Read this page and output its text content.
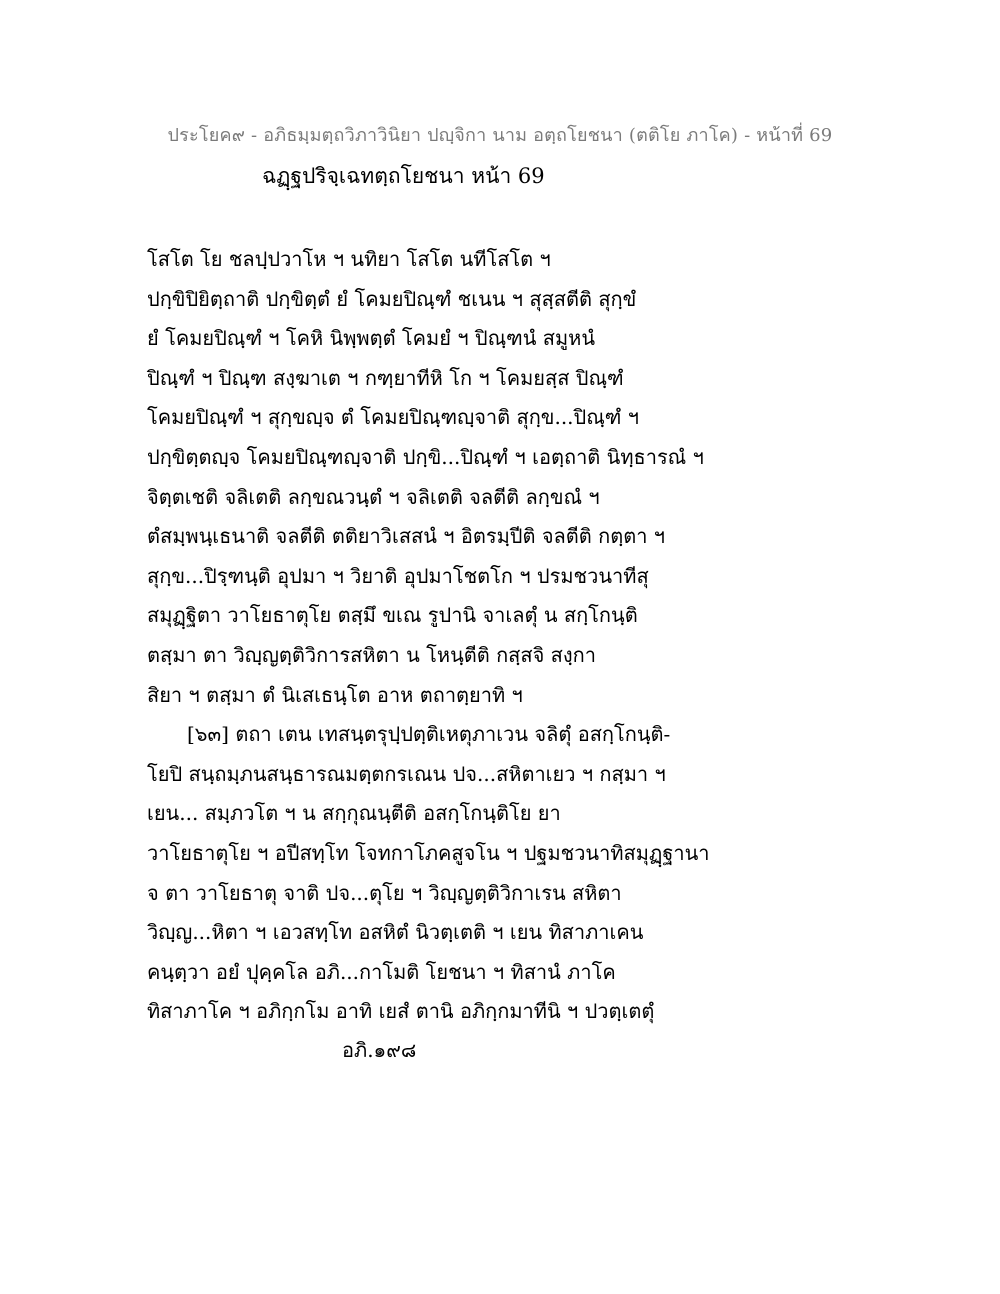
ประโยค๙ - อภิธมฺมตฺถวิภาวินิยา ปญฺจิกา นาม อตฺถโยชนา (ตติโย ภาโค) - หน้าที่ 69
ฉฏฺฐปริจฺเฉทตฺถโยชนา หน้า 69
โสโต โย ชลปฺปวาโห ฯ นทิยา โสโต นทีโสโต ฯ
ปกฺขิปิยิตฺถาติ ปกฺขิตฺตํ ยํ โคมยปิณฺฑํ ชเนน ฯ สุสฺสตีติ สุกฺขํ
ยํ โคมยปิณฺฑํ ฯ โคหิ นิพฺพตฺตํ โคมยํ ฯ ปิณฺฑนํ สมูหนํ
ปิณฺฑํ ฯ ปิณฺฑ สงฺฆาเต ฯ กฑฺยาทีหิ โก ฯ โคมยสฺส ปิณฺฑํ
โคมยปิณฺฑํ ฯ สุกฺขญฺจ ตํ โคมยปิณฺฑญฺจาติ สุกฺข...ปิณฺฑํ ฯ
ปกฺขิตฺตญฺจ โคมยปิณฺฑญฺจาติ ปกฺขิ...ปิณฺฑํ ฯ เอตฺถาติ นิทฺธารณํ ฯ
จิตฺตเชติ จลิเตติ ลกฺขณวนฺตํ ฯ จลิเตติ จลตีติ ลกฺขณํ ฯ
ตํสมฺพนฺเธนาติ จลตีติ ตติยาวิเสสนํ ฯ อิตรมฺปีติ จลตีติ กตฺตา ฯ
สุกฺข...ปิรฺฑนฺติ อุปมา ฯ วิยาติ อุปมาโชตโก ฯ ปรมชวนาทีสุ
สมุฏฺฐิตา วาโยธาตุโย ตสฺมึ ขเณ รูปานิ จาเลตุํ น สกฺโกนฺติ
ตสฺมา ตา วิญฺญตฺติวิการสหิตา น โหนฺตีติ กสฺสจิ สงฺกา
สิยา ฯ ตสฺมา ตํ นิเสเธนฺโต อาห ตถาตฺยาทิ ฯ
[๖๓] ตถา เตน เทสนฺตรุปฺปตฺติเหตุภาเวน จลิตุํ อสกฺโกนฺติ-
โยปิ สนฺถมฺภนสนฺธารณมตฺตกรเณน ปจ...สหิตาเยว ฯ กสฺมา ฯ
เยน... สมฺภวโต ฯ น สกฺกุณนฺตีติ อสกฺโกนฺติโย ยา
วาโยธาตุโย ฯ อปีสทฺโท โจทกาโภคสูจโน ฯ ปฐมชวนาทิสมุฏฺฐานา
จ ตา วาโยธาตุ จาติ ปจ...ตุโย ฯ วิญฺญตฺติวิกาเรน สหิตา
วิญฺญ...หิตา ฯ เอวสทฺโท อสหิตํ นิวตฺเตติ ฯ เยน ทิสาภาเคน
คนฺตฺวา อยํ ปุคฺคโล อภิ...กาโมติ โยชนา ฯ ทิสานํ ภาโค
ทิสาภาโค ฯ อภิกฺกโม อาทิ เยสํ ตานิ อภิกฺกมาทีนิ ฯ ปวตฺเตตุํ
อภิ.๑๙๘
